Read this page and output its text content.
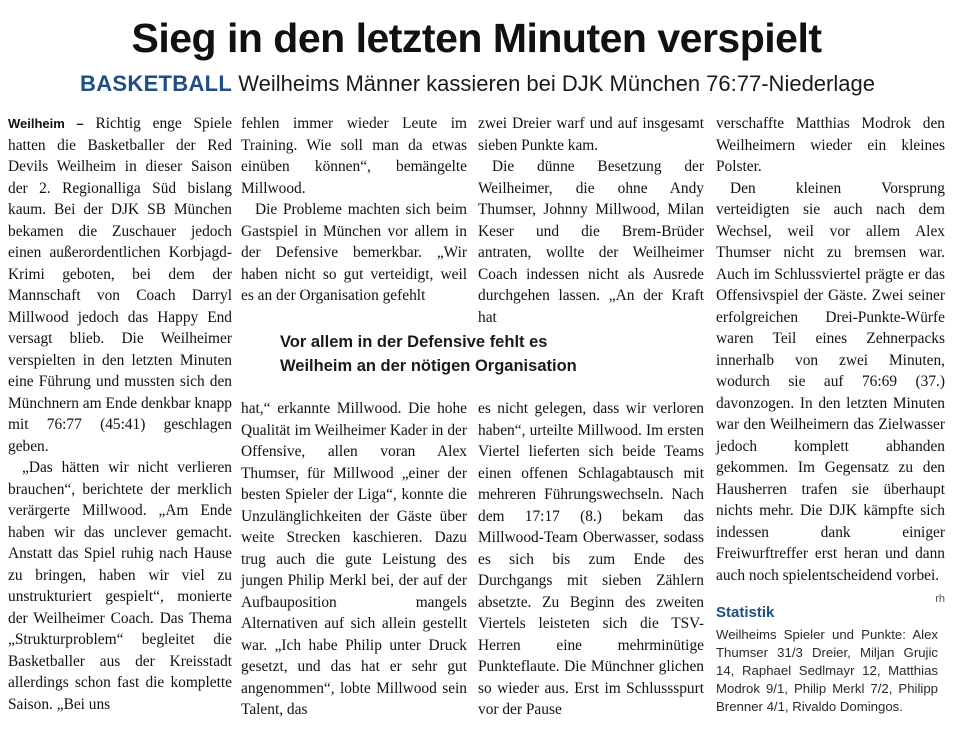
Sieg in den letzten Minuten verspielt
BASKETBALL Weilheims Männer kassieren bei DJK München 76:77-Niederlage

Weilheim – Richtig enge Spiele hatten die Basketballer der Red Devils Weilheim in dieser Saison der 2. Regionalliga Süd bislang kaum. Bei der DJK SB München bekamen die Zuschauer jedoch einen außerordentlichen Korbjagd-Krimi geboten, bei dem der Mannschaft von Coach Darryl Millwood jedoch das Happy End versagt blieb. Die Weilheimer verspielten in den letzten Minuten eine Führung und mussten sich den Münchnern am Ende denkbar knapp mit 76:77 (45:41) geschlagen geben.

„Das hätten wir nicht verlieren brauchen“, berichtete der merklich verärgerte Millwood. „Am Ende haben wir das unclever gemacht. Anstatt das Spiel ruhig nach Hause zu bringen, haben wir viel zu unstrukturiert gespielt“, monierte der Weilheimer Coach. Das Thema „Strukturproblem“ begleitet die Basketballer aus der Kreisstadt allerdings schon fast die komplette Saison. „Bei uns

fehlen immer wieder Leute im Training. Wie soll man da etwas einüben können“, bemängelte Millwood.

Die Probleme machten sich beim Gastspiel in München vor allem in der Defensive bemerkbar. „Wir haben nicht so gut verteidigt, weil es an der Organisation gefehlt

zwei Dreier warf und auf insgesamt sieben Punkte kam.

Die dünne Besetzung der Weilheimer, die ohne Andy Thumser, Johnny Millwood, Milan Keser und die Brem-Brüder antraten, wollte der Weilheimer Coach indessen nicht als Ausrede durchgehen lassen. „An der Kraft hat

Vor allem in der Defensive fehlt es
Weilheim an der nötigen Organisation

hat,“ erkannte Millwood. Die hohe Qualität im Weilheimer Kader in der Offensive, allen voran Alex Thumser, für Millwood „einer der besten Spieler der Liga“, konnte die Unzulänglichkeiten der Gäste über weite Strecken kaschieren. Dazu trug auch die gute Leistung des jungen Philip Merkl bei, der auf der Aufbauposition mangels Alternativen auf sich allein gestellt war. „Ich habe Philip unter Druck gesetzt, und das hat er sehr gut angenommen“, lobte Millwood sein Talent, das

es nicht gelegen, dass wir verloren haben“, urteilte Millwood. Im ersten Viertel lieferten sich beide Teams einen offenen Schlagabtausch mit mehreren Führungswechseln. Nach dem 17:17 (8.) bekam das Millwood-Team Oberwasser, sodass es sich bis zum Ende des Durchgangs mit sieben Zählern absetzte. Zu Beginn des zweiten Viertels leisteten sich die TSV-Herren eine mehrminütige Punkteflaute. Die Münchner glichen so wieder aus. Erst im Schlussspurt vor der Pause

verschaffte Matthias Modrok den Weilheimern wieder ein kleines Polster.

Den kleinen Vorsprung verteidigten sie auch nach dem Wechsel, weil vor allem Alex Thumser nicht zu bremsen war. Auch im Schlussviertel prägte er das Offensivspiel der Gäste. Zwei seiner erfolgreichen Drei-Punkte-Würfe waren Teil eines Zehnerpacks innerhalb von zwei Minuten, wodurch sie auf 76:69 (37.) davonzogen. In den letzten Minuten war den Weilheimern das Zielwasser jedoch komplett abhanden gekommen. Im Gegensatz zu den Hausherren trafen sie überhaupt nichts mehr. Die DJK kämpfte sich indessen dank einiger Freiwurftreffer erst heran und dann auch noch spielentscheidend vorbei.
rh

Statistik
Weilheims Spieler und Punkte: Alex Thumser 31/3 Dreier, Miljan Grujic 14, Raphael Sedlmayr 12, Matthias Modrok 9/1, Philip Merkl 7/2, Philipp Brenner 4/1, Rivaldo Domingos.
